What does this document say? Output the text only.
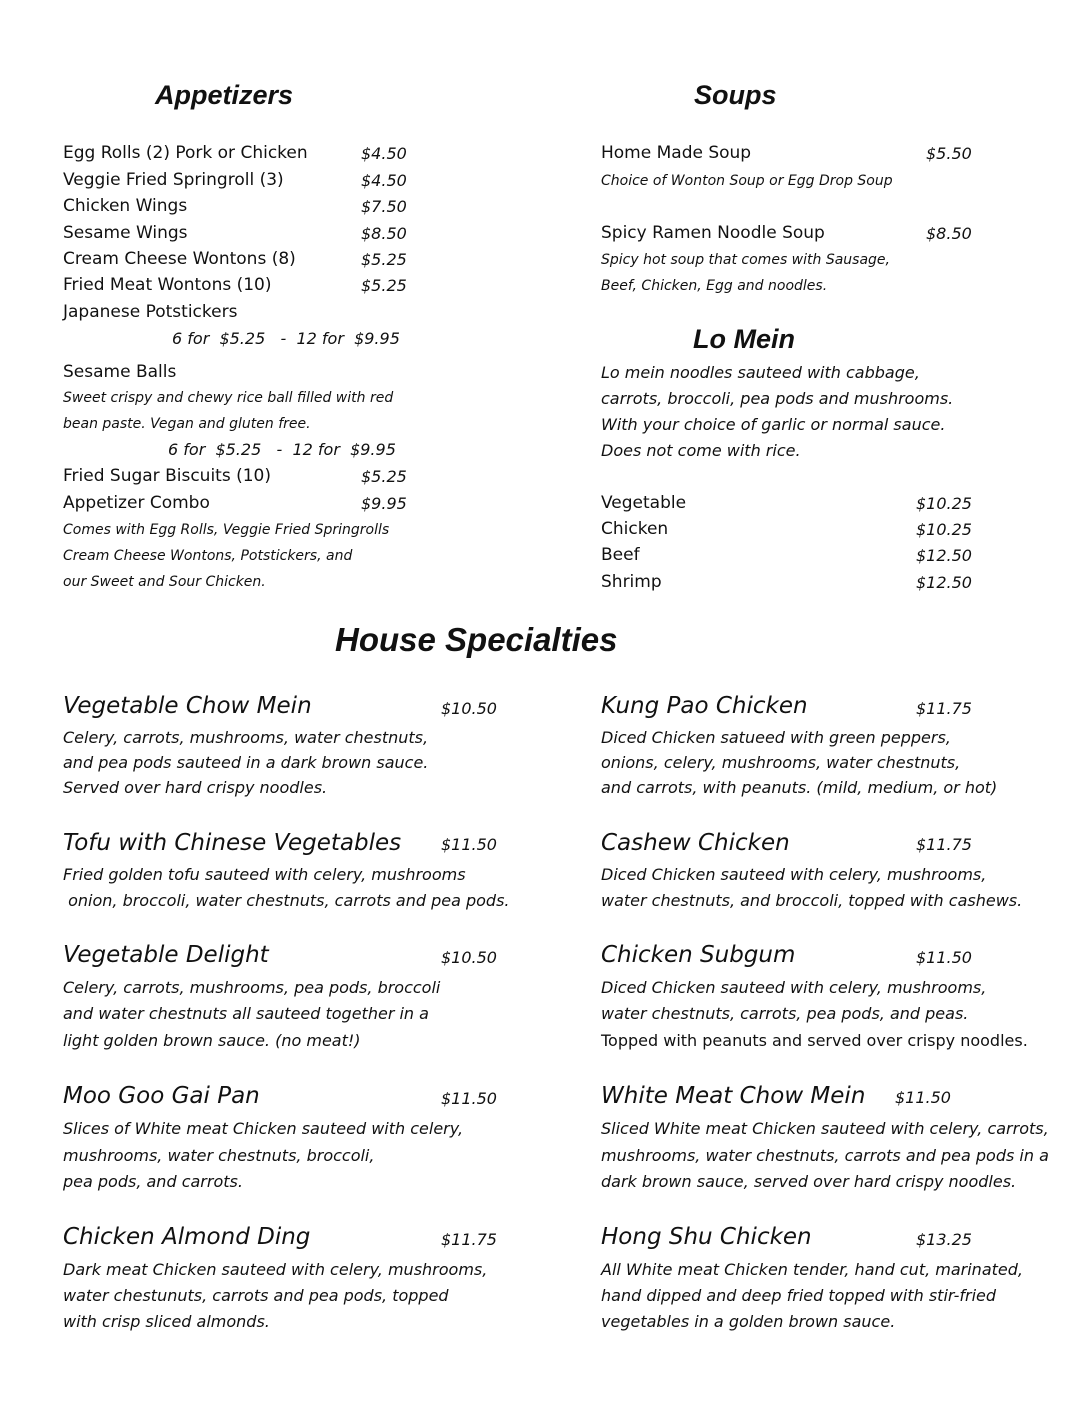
Appetizers
Egg Rolls (2) Pork or Chicken	$4.50
Veggie Fried Springroll (3)	$4.50
Chicken Wings	$7.50
Sesame Wings	$8.50
Cream Cheese Wontons (8)	$5.25
Fried Meat Wontons (10)	$5.25
Japanese Potstickers
6 for  $5.25   -  12 for  $9.95
Sesame Balls
Sweet crispy and chewy rice ball filled with red
bean paste. Vegan and gluten free.
6 for  $5.25   -  12 for  $9.95
Fried Sugar Biscuits (10)	$5.25
Appetizer Combo	$9.95
Comes with Egg Rolls, Veggie Fried Springrolls
Cream Cheese Wontons, Potstickers, and
our Sweet and Sour Chicken.
Soups
Home Made Soup	$5.50
Choice of Wonton Soup or Egg Drop Soup
Spicy Ramen Noodle Soup	$8.50
Spicy hot soup that comes with Sausage,
Beef, Chicken, Egg and noodles.
Lo Mein
Lo mein noodles sauteed with cabbage,
carrots, broccoli, pea pods and mushrooms.
With your choice of garlic or normal sauce.
Does not come with rice.
Vegetable	$10.25
Chicken	$10.25
Beef	$12.50
Shrimp	$12.50
House Specialties
Vegetable Chow Mein	$10.50
Celery, carrots, mushrooms, water chestnuts,
and pea pods sauteed in a dark brown sauce.
Served over hard crispy noodles.
Tofu with Chinese Vegetables $11.50
Fried golden tofu sauteed with celery, mushrooms
onion, broccoli, water chestnuts, carrots and pea pods.
Vegetable Delight	$10.50
Celery, carrots, mushrooms, pea pods, broccoli
and water chestnuts all sauteed together in a
light golden brown sauce. (no meat!)
Moo Goo Gai Pan	$11.50
Slices of White meat Chicken sauteed with celery,
mushrooms, water chestnuts, broccoli,
pea pods, and carrots.
Chicken Almond Ding	$11.75
Dark meat Chicken sauteed with celery, mushrooms,
water chestunuts, carrots and pea pods, topped
with crisp sliced almonds.
Kung Pao Chicken	$11.75
Diced Chicken satueed with green peppers,
onions, celery, mushrooms, water chestnuts,
and carrots, with peanuts. (mild, medium, or hot)
Cashew Chicken	$11.75
Diced Chicken sauteed with celery, mushrooms,
water chestnuts, and broccoli, topped with cashews.
Chicken Subgum	$11.50
Diced Chicken sauteed with celery, mushrooms,
water chestnuts, carrots, pea pods, and peas.
Topped with peanuts and served over crispy noodles.
White Meat Chow Mein $11.50
Sliced White meat Chicken sauteed with celery, carrots,
mushrooms, water chestnuts, carrots and pea pods in a
dark brown sauce, served over hard crispy noodles.
Hong Shu Chicken	$13.25
All White meat Chicken tender, hand cut, marinated,
hand dipped and deep fried topped with stir-fried
vegetables in a golden brown sauce.
